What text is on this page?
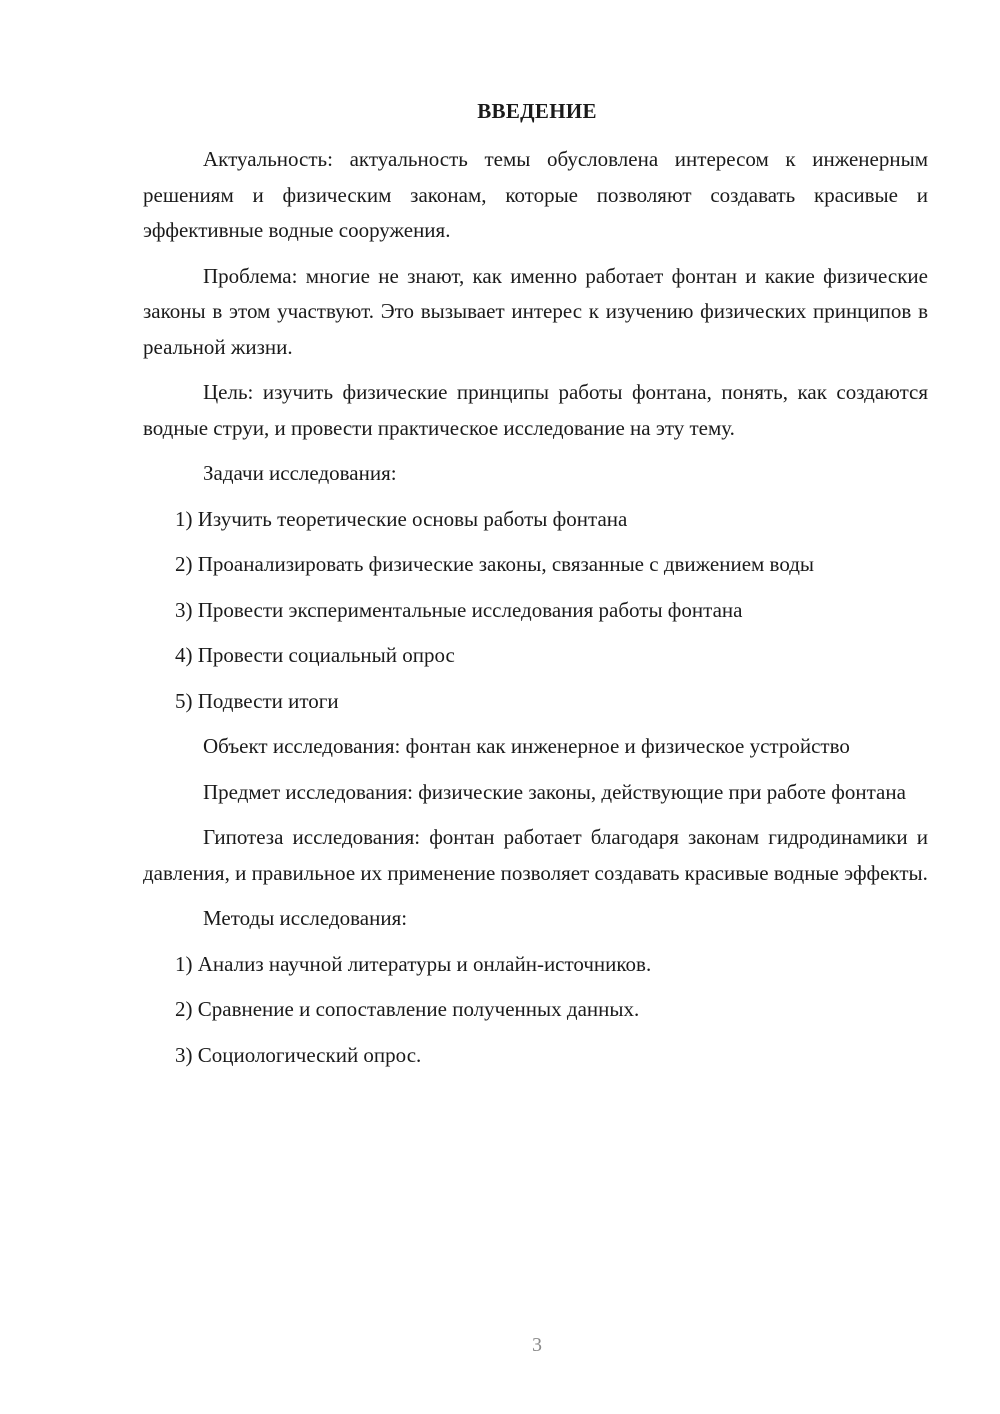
ВВЕДЕНИЕ

Актуальность: актуальность темы обусловлена интересом к инженерным решениям и физическим законам, которые позволяют создавать красивые и эффективные водные сооружения.

Проблема: многие не знают, как именно работает фонтан и какие физические законы в этом участвуют. Это вызывает интерес к изучению физических принципов в реальной жизни.

Цель: изучить физические принципы работы фонтана, понять, как создаются водные струи, и провести практическое исследование на эту тему.

Задачи исследования:

1) Изучить теоретические основы работы фонтана

2) Проанализировать физические законы, связанные с движением воды

3) Провести экспериментальные исследования работы фонтана

4) Провести социальный опрос

5) Подвести итоги

Объект исследования: фонтан как инженерное и физическое устройство

Предмет исследования: физические законы, действующие при работе фонтана

Гипотеза исследования: фонтан работает благодаря законам гидродинамики и давления, и правильное их применение позволяет создавать красивые водные эффекты.

Методы исследования:

1) Анализ научной литературы и онлайн-источников.

2) Сравнение и сопоставление полученных данных.

3) Социологический опрос.

3
